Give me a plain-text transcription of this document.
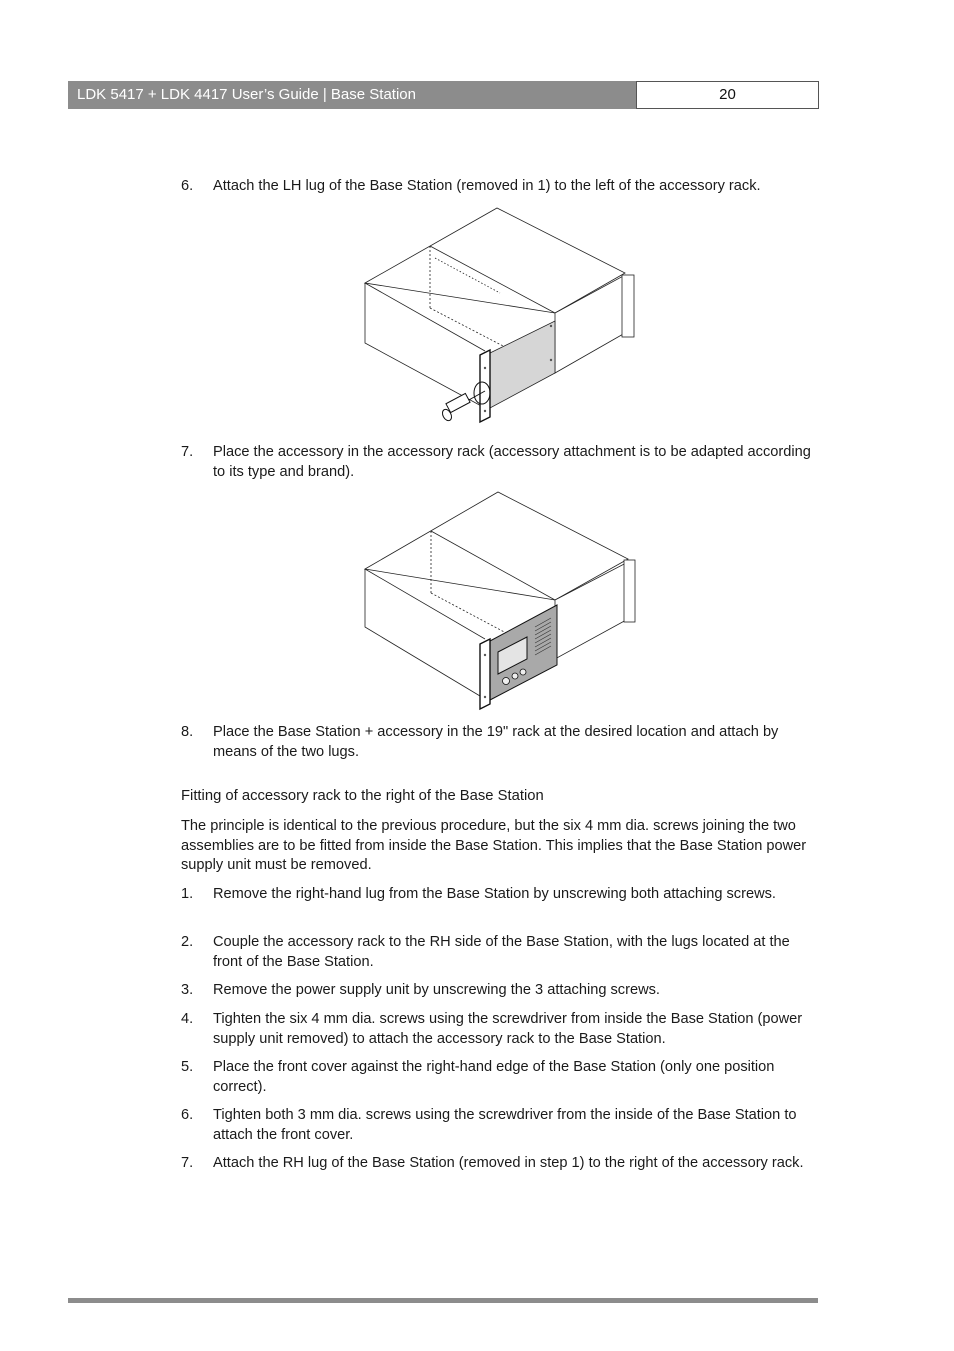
LDK 5417 + LDK 4417 User’s Guide | Base Station	20
6. Attach the LH lug of the Base Station (removed in 1) to the left of the accessory rack.
7. Place the accessory in the accessory rack (accessory attachment is to be adapted according to its type and brand).
8. Place the Base Station + accessory in the 19" rack at the desired location and attach by means of the two lugs.
Fitting of accessory rack to the right of the Base Station
The principle is identical to the previous procedure, but the six 4 mm dia. screws joining the two assemblies are to be fitted from inside the Base Station. This implies that the Base Station power supply unit must be removed.
1. Remove the right-hand lug from the Base Station by unscrewing both attaching screws.
2. Couple the accessory rack to the RH side of the Base Station, with the lugs located at the front of the Base Station.
3. Remove the power supply unit by unscrewing the 3 attaching screws.
4. Tighten the six 4 mm dia. screws using the screwdriver from inside the Base Station (power supply unit removed) to attach the accessory rack to the Base Station.
5. Place the front cover against the right-hand edge of the Base Station (only one position correct).
6. Tighten both 3 mm dia. screws using the screwdriver from the inside of the Base Station to attach the front cover.
7. Attach the RH lug of the Base Station (removed in step 1) to the right of the accessory rack.
